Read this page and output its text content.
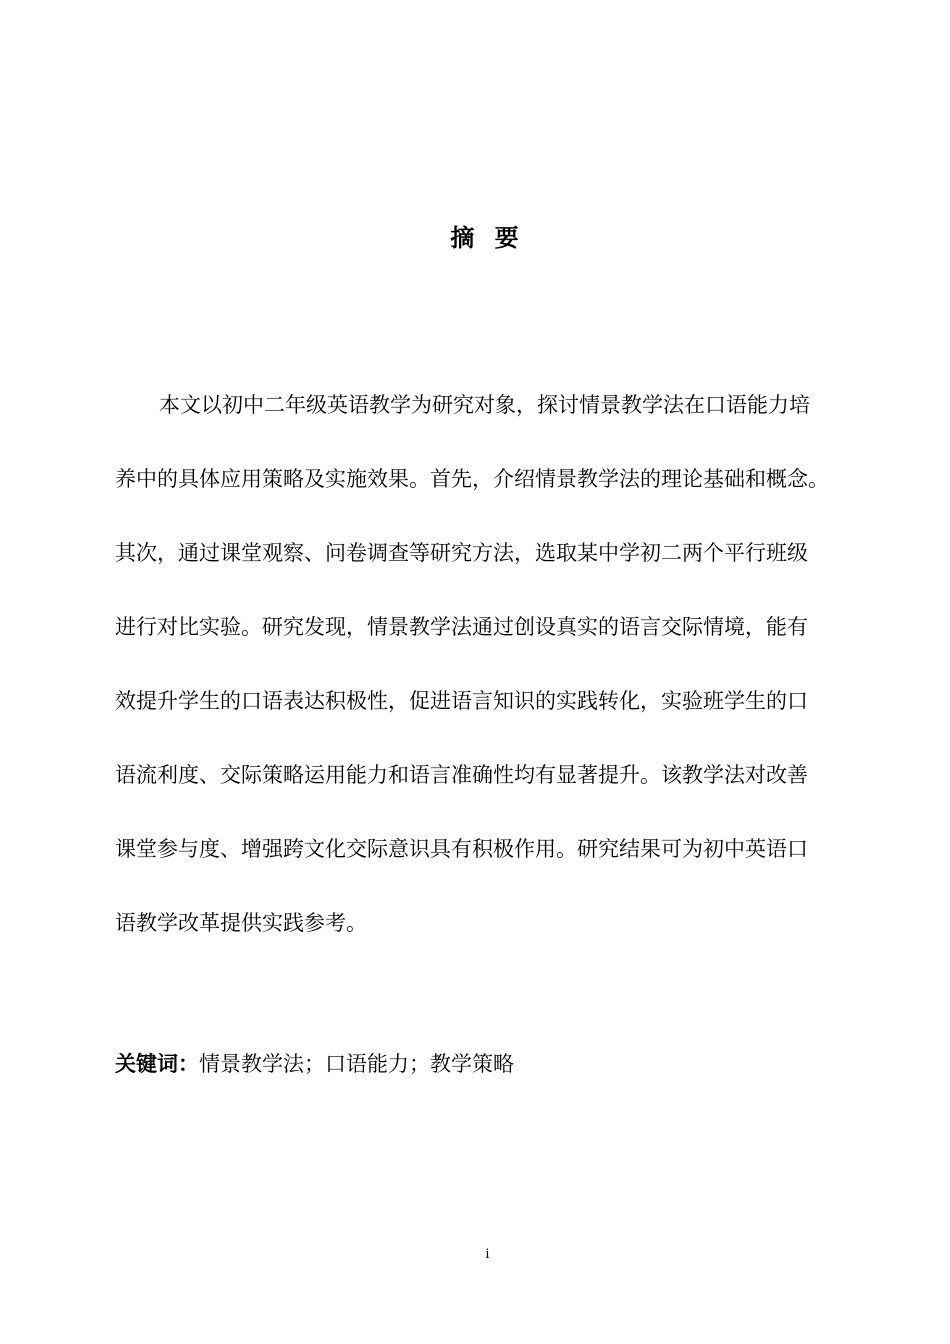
摘 要
本文以初中二年级英语教学为研究对象，探讨情景教学法在口语能力培
养中的具体应用策略及实施效果。首先，介绍情景教学法的理论基础和概念。
其次，通过课堂观察、问卷调查等研究方法，选取某中学初二两个平行班级
进行对比实验。研究发现，情景教学法通过创设真实的语言交际情境，能有
效提升学生的口语表达积极性，促进语言知识的实践转化，实验班学生的口
语流利度、交际策略运用能力和语言准确性均有显著提升。该教学法对改善
课堂参与度、增强跨文化交际意识具有积极作用。研究结果可为初中英语口
语教学改革提供实践参考。
关键词：情景教学法；口语能力；教学策略
i
